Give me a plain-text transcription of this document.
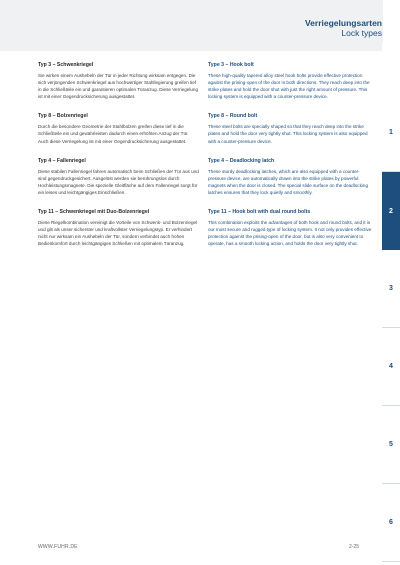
Verriegelungsarten
Lock types
1
2
3
4
5
6
Typ 3 – Schwenkriegel

Sie wirken einem Aushebeln der Tür in jeder Richtung wirksam entgegen. Die sich verjüngenden Schwenkriegel aus hochwertiger Stahllegierung greifen tief in die Schließteile ein und garantieren optimalen Türanzug. Diese Verriegelung ist mit einer Gegendrucksicherung ausgestattet.

Typ 8 – Bolzenriegel

Durch die besondere Geometrie der Stahlbolzen greifen diese tief in die Schließteile ein und gewährleisten dadurch einen erhöhten Anzug der Tür. Auch diese Verriegelung ist mit einer Gegendrucksicherung ausgestattet.

Typ 4 – Fallenriegel

Diese stabilen Fallenriegel fahren automatisch beim Schließen der Tür aus und sind gegendruckgesichert. Ausgelöst werden sie berührungslos durch Hochleistungsmagnete. Die spezielle Gleitfläche auf dem Fallenriegel sorgt für ein leises und leichtgängiges Einschließen.

Typ 11 – Schwenkriegel mit Duo-Bolzenriegel

Diese Riegelkombination vereinigt die Vorteile von Schwenk- und Bolzenriegel und gilt als unser sicherster und kraftvollster Verriegelungstyp. Er verhindert nicht nur wirksam ein Aushebeln der Tür, sondern verbindet auch hohen Bedienkomfort durch leichtgängiges Schließen mit optimalem Türanzug.

Type 3 – Hook bolt

These high-quality tapered alloy steel hook bolts provide effective protection against the prising-open of the door in both directions. They reach deep into the strike plates and hold the door shut with just the right amount of pressure. This locking system is equipped with a counter-pressure device.

Type 8 – Round bolt

These steel bolts are specially shaped so that they reach deep into the strike plates and hold the door very tightly shut. This locking system is also equipped with a counter-pressure device.

Type 4 – Deadlocking latch

These sturdy deadlocking latches, which are also equipped with a counter-pressure device, are automatically drawn into the strike plates by powerful magnets when the door is closed. The special slide surface on the deadlocking latches ensures that they lock quietly and smoothly.

Type 11 – Hook bolt with dual round bolts

This combination exploits the advantages of both hook and round bolts, and it is our most secure and rugged type of locking system. It not only provides effective protection against the prising-open of the door, but is also very convenient to operate, has a smooth locking action, and holds the door very tightly shut.

WWW.FUHR.DE	2-25
